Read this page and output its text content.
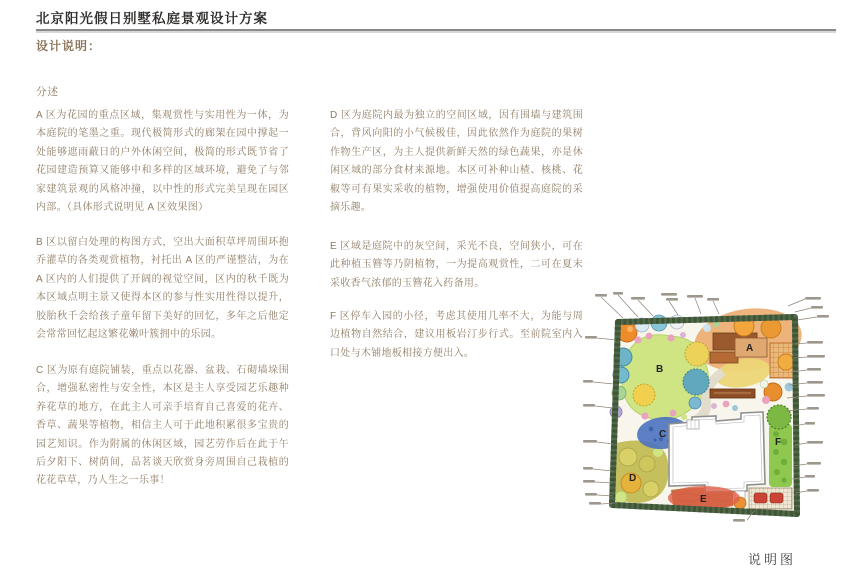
北京阳光假日别墅私庭景观设计方案
设计说明：
分述

A 区为花园的重点区域，集观赏性与实用性为一体，为本庭院的笔墨之重。现代极简形式的廊架在园中撑起一处能够遮雨蔽日的户外休闲空间，极简的形式既节省了花园建造预算又能够中和多样的区域环境，避免了与邻家建筑景观的风格冲撞，以中性的形式完美呈现在园区内部。（具体形式说明见 A 区效果图）

B 区以留白处理的构图方式，空出大面积草坪周围环抱乔灌草的各类观赏植物，衬托出 A 区的严谨整洁，为在 A 区内的人们提供了开阔的视觉空间，区内的秋千既为本区域点明主景又使得本区的参与性实用性得以提升，胶胎秋千会给孩子童年留下美好的回忆，多年之后他定会常常回忆起这繁花嫩叶簇拥中的乐园。

C 区为原有庭院铺装，重点以花器、盆栽、石砌墙垛围合，增强私密性与安全性，本区是主人享受园艺乐趣种养花草的地方，在此主人可亲手培育自己喜爱的花卉、香草、蔬果等植物，相信主人可于此地积累很多宝贵的园艺知识。作为附属的休闲区域，园艺劳作后在此于午后夕阳下、树荫间，品茗谈天欣赏身旁周围自己栽植的花花草草，乃人生之一乐事！

D 区为庭院内最为独立的空间区域，因有围墙与建筑围合，背风向阳的小气候极佳，因此依然作为庭院的果树作物生产区，为主人提供新鲜天然的绿色蔬果，亦是休闲区域的部分食材来源地。本区可补种山楂、核桃、花椒等可有果实采收的植物，增强使用价值提高庭院的采摘乐趣。

E 区域是庭院中的灰空间，采光不良，空间狭小，可在此种植玉簪等乃阴植物，一为提高观赏性，二可在夏末采收香气浓郁的玉簪花入药备用。

F 区停车入园的小径，考虑其使用几率不大，为能与周边植物自然结合，建议用板岩汀步行式。至前院室内入口处与木铺地板相接方便出入。	A
B
C
D
E
F
说明图
